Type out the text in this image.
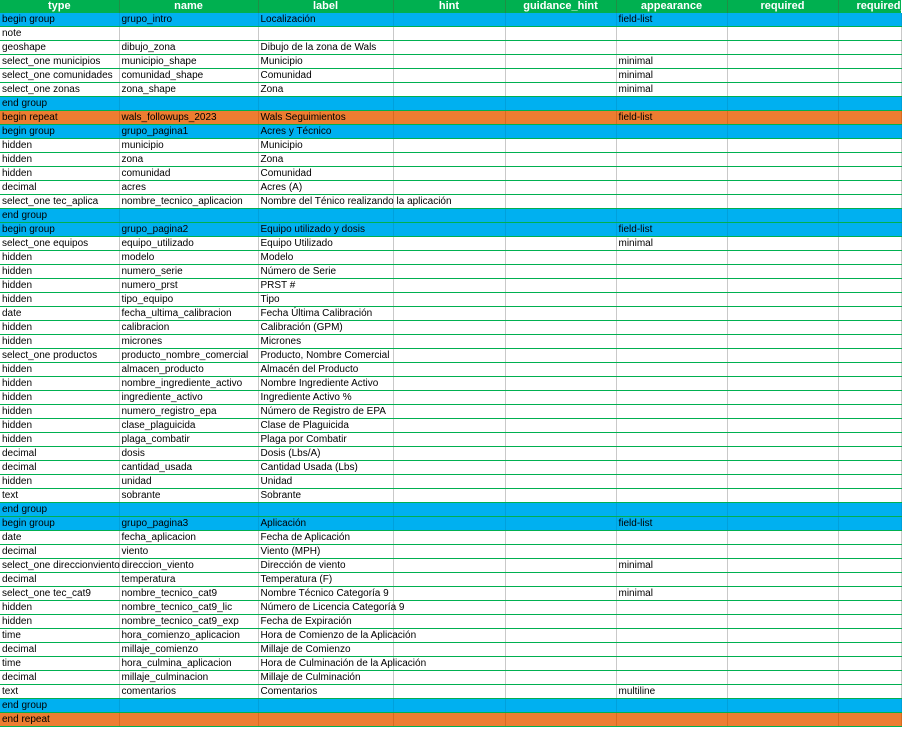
type	name	label	hint	guidance_hint	appearance	required	required_m
begin group	grupo_intro	Localización			field-list		
note							
geoshape	dibujo_zona	Dibujo de la zona de Wals					
select_one municipios	municipio_shape	Municipio			minimal		
select_one comunidades	comunidad_shape	Comunidad			minimal		
select_one zonas	zona_shape	Zona			minimal		
end group							
begin repeat	wals_followups_2023	Wals Seguimientos			field-list		
begin group	grupo_pagina1	Acres y Técnico					
hidden	municipio	Municipio					
hidden	zona	Zona					
hidden	comunidad	Comunidad					
decimal	acres	Acres (A)					
select_one tec_aplica	nombre_tecnico_aplicacion	Nombre del Ténico realizando la aplicación					
end group							
begin group	grupo_pagina2	Equipo utilizado y dosis			field-list		
select_one equipos	equipo_utilizado	Equipo Utilizado			minimal		
hidden	modelo	Modelo					
hidden	numero_serie	Número de Serie					
hidden	numero_prst	PRST #					
hidden	tipo_equipo	Tipo					
date	fecha_ultima_calibracion	Fecha Última Calibración					
hidden	calibracion	Calibración (GPM)					
hidden	micrones	Micrones					
select_one productos	producto_nombre_comercial	Producto, Nombre Comercial					
hidden	almacen_producto	Almacén del Producto					
hidden	nombre_ingrediente_activo	Nombre Ingrediente Activo					
hidden	ingrediente_activo	Ingrediente Activo %					
hidden	numero_registro_epa	Número de Registro de EPA					
hidden	clase_plaguicida	Clase de Plaguicida					
hidden	plaga_combatir	Plaga por Combatir					
decimal	dosis	Dosis (Lbs/A)					
decimal	cantidad_usada	Cantidad Usada (Lbs)					
hidden	unidad	Unidad					
text	sobrante	Sobrante					
end group							
begin group	grupo_pagina3	Aplicación			field-list		
date	fecha_aplicacion	Fecha de Aplicación					
decimal	viento	Viento (MPH)					
select_one direccionviento	direccion_viento	Dirección de viento			minimal		
decimal	temperatura	Temperatura (F)					
select_one tec_cat9	nombre_tecnico_cat9	Nombre Técnico Categoría 9			minimal		
hidden	nombre_tecnico_cat9_lic	Número de Licencia Categoría 9					
hidden	nombre_tecnico_cat9_exp	Fecha de Expiración					
time	hora_comienzo_aplicacion	Hora de Comienzo de la Aplicación					
decimal	millaje_comienzo	Millaje de Comienzo					
time	hora_culmina_aplicacion	Hora de Culminación de la Aplicación					
decimal	millaje_culminacion	Millaje de Culminación					
text	comentarios	Comentarios			multiline		
end group							
end repeat							
